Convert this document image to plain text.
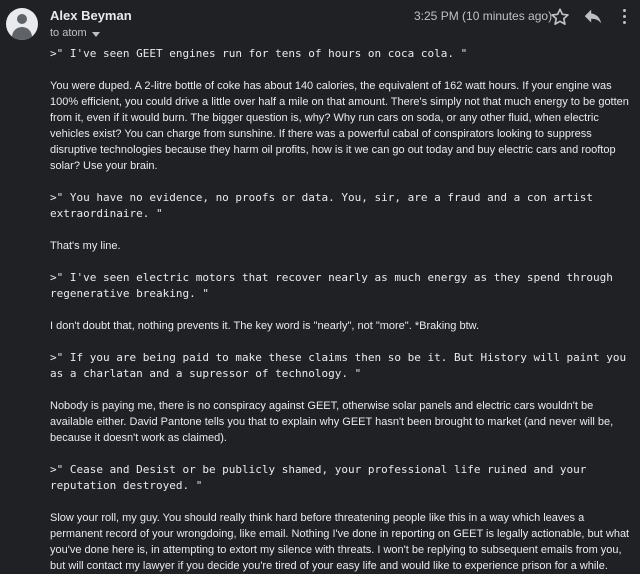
Alex Beyman
to atom
3:25 PM (10 minutes ago)

>" I've seen GEET engines run for tens of hours on coca cola. "

You were duped. A 2-litre bottle of coke has about 140 calories, the equivalent of 162 watt hours. If your engine was 100% efficient, you could drive a little over half a mile on that amount. There's simply not that much energy to be gotten from it, even if it would burn. The bigger question is, why? Why run cars on soda, or any other fluid, when electric vehicles exist? You can charge from sunshine. If there was a powerful cabal of conspirators looking to suppress disruptive technologies because they harm oil profits, how is it we can go out today and buy electric cars and rooftop solar? Use your brain.

>" You have no evidence, no proofs or data. You, sir, are a fraud and a con artist extraordinaire. "

That's my line.

>" I've seen electric motors that recover nearly as much energy as they spend through regenerative breaking. "

I don't doubt that, nothing prevents it. The key word is "nearly", not "more". *Braking btw.

>" If you are being paid to make these claims then so be it. But History will paint you as a charlatan and a supressor of technology. "

Nobody is paying me, there is no conspiracy against GEET, otherwise solar panels and electric cars wouldn't be available either. David Pantone tells you that to explain why GEET hasn't been brought to market (and never will be, because it doesn't work as claimed).

>" Cease and Desist or be publicly shamed, your professional life ruined and your reputation destroyed. "

Slow your roll, my guy. You should really think hard before threatening people like this in a way which leaves a permanent record of your wrongdoing, like email. Nothing I've done in reporting on GEET is legally actionable, but what you've done here is, in attempting to extort my silence with threats. I won't be replying to subsequent emails from you, but will contact my lawyer if you decide you're tired of your easy life and would like to experience prison for a while.
